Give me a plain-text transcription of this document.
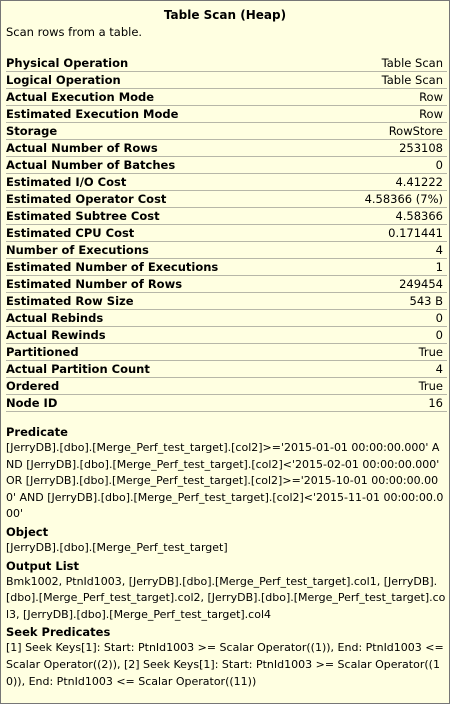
Table Scan (Heap)
Scan rows from a table.
Physical Operation	Table Scan
Logical Operation	Table Scan
Actual Execution Mode	Row
Estimated Execution Mode	Row
Storage	RowStore
Actual Number of Rows	253108
Actual Number of Batches	0
Estimated I/O Cost	4.41222
Estimated Operator Cost	4.58366 (7%)
Estimated Subtree Cost	4.58366
Estimated CPU Cost	0.171441
Number of Executions	4
Estimated Number of Executions	1
Estimated Number of Rows	249454
Estimated Row Size	543 B
Actual Rebinds	0
Actual Rewinds	0
Partitioned	True
Actual Partition Count	4
Ordered	True
Node ID	16
Predicate
[JerryDB].[dbo].[Merge_Perf_test_target].[col2]>='2015-01-01 00:00:00.000' AND [JerryDB].[dbo].[Merge_Perf_test_target].[col2]<'2015-02-01 00:00:00.000' OR [JerryDB].[dbo].[Merge_Perf_test_target].[col2]>='2015-10-01 00:00:00.000' AND [JerryDB].[dbo].[Merge_Perf_test_target].[col2]<'2015-11-01 00:00:00.000'
Object
[JerryDB].[dbo].[Merge_Perf_test_target]
Output List
Bmk1002, PtnId1003, [JerryDB].[dbo].[Merge_Perf_test_target].col1, [JerryDB].[dbo].[Merge_Perf_test_target].col2, [JerryDB].[dbo].[Merge_Perf_test_target].col3, [JerryDB].[dbo].[Merge_Perf_test_target].col4
Seek Predicates
[1] Seek Keys[1]: Start: PtnId1003 >= Scalar Operator((1)), End: PtnId1003 <= Scalar Operator((2)), [2] Seek Keys[1]: Start: PtnId1003 >= Scalar Operator((10)), End: PtnId1003 <= Scalar Operator((11))
